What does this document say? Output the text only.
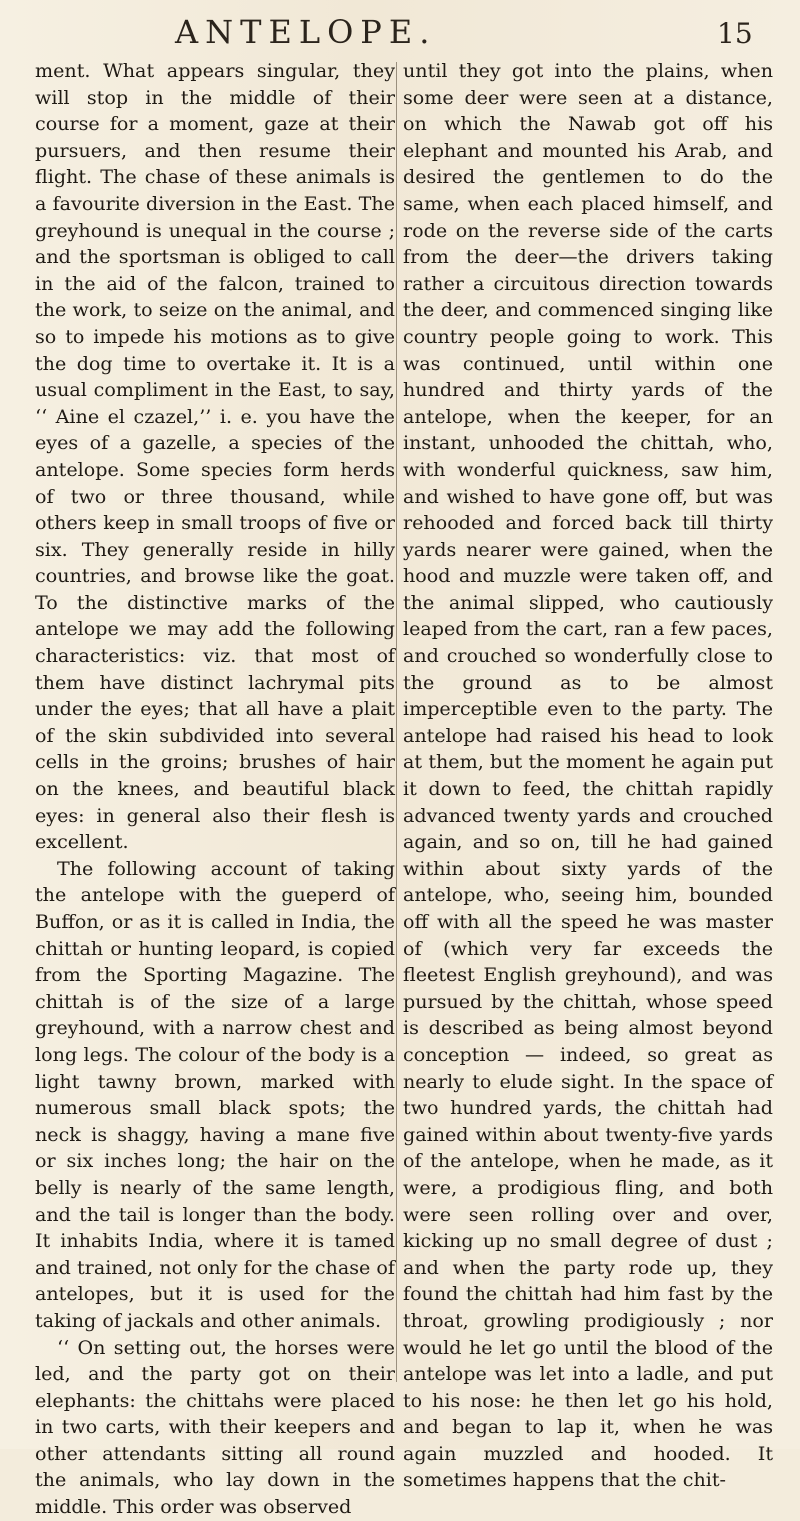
ANTELOPE.	15

ment. What appears singular, they will stop in the middle of their course for a moment, gaze at their pursuers, and then resume their flight. The chase of these animals is a favourite diversion in the East. The greyhound is unequal in the course ; and the sportsman is obliged to call in the aid of the falcon, trained to the work, to seize on the animal, and so to impede his motions as to give the dog time to overtake it. It is a usual compliment in the East, to say, ‘‘ Aine el czazel,’’ i. e. you have the eyes of a gazelle, a species of the antelope. Some species form herds of two or three thousand, while others keep in small troops of five or six. They generally reside in hilly countries, and browse like the goat. To the distinctive marks of the antelope we may add the following characteristics: viz. that most of them have distinct lachrymal pits under the eyes; that all have a plait of the skin subdivided into several cells in the groins; brushes of hair on the knees, and beautiful black eyes: in general also their flesh is excellent.

The following account of taking the antelope with the gueperd of Buffon, or as it is called in India, the chittah or hunting leopard, is copied from the Sporting Magazine. The chittah is of the size of a large greyhound, with a narrow chest and long legs. The colour of the body is a light tawny brown, marked with numerous small black spots; the neck is shaggy, having a mane five or six inches long; the hair on the belly is nearly of the same length, and the tail is longer than the body. It inhabits India, where it is tamed and trained, not only for the chase of antelopes, but it is used for the taking of jackals and other animals.

‘‘ On setting out, the horses were led, and the party got on their elephants: the chittahs were placed in two carts, with their keepers and other attendants sitting all round the animals, who lay down in the middle. This order was observed

until they got into the plains, when some deer were seen at a distance, on which the Nawab got off his elephant and mounted his Arab, and desired the gentlemen to do the same, when each placed himself, and rode on the reverse side of the carts from the deer—the drivers taking rather a circuitous direction towards the deer, and commenced singing like country people going to work. This was continued, until within one hundred and thirty yards of the antelope, when the keeper, for an instant, unhooded the chittah, who, with wonderful quickness, saw him, and wished to have gone off, but was rehooded and forced back till thirty yards nearer were gained, when the hood and muzzle were taken off, and the animal slipped, who cautiously leaped from the cart, ran a few paces, and crouched so wonderfully close to the ground as to be almost imperceptible even to the party. The antelope had raised his head to look at them, but the moment he again put it down to feed, the chittah rapidly advanced twenty yards and crouched again, and so on, till he had gained within about sixty yards of the antelope, who, seeing him, bounded off with all the speed he was master of (which very far exceeds the fleetest English greyhound), and was pursued by the chittah, whose speed is described as being almost beyond conception — indeed, so great as nearly to elude sight. In the space of two hundred yards, the chittah had gained within about twenty-five yards of the antelope, when he made, as it were, a prodigious fling, and both were seen rolling over and over, kicking up no small degree of dust ; and when the party rode up, they found the chittah had him fast by the throat, growling prodigiously ; nor would he let go until the blood of the antelope was let into a ladle, and put to his nose: he then let go his hold, and began to lap it, when he was again muzzled and hooded. It sometimes happens that the chit-
